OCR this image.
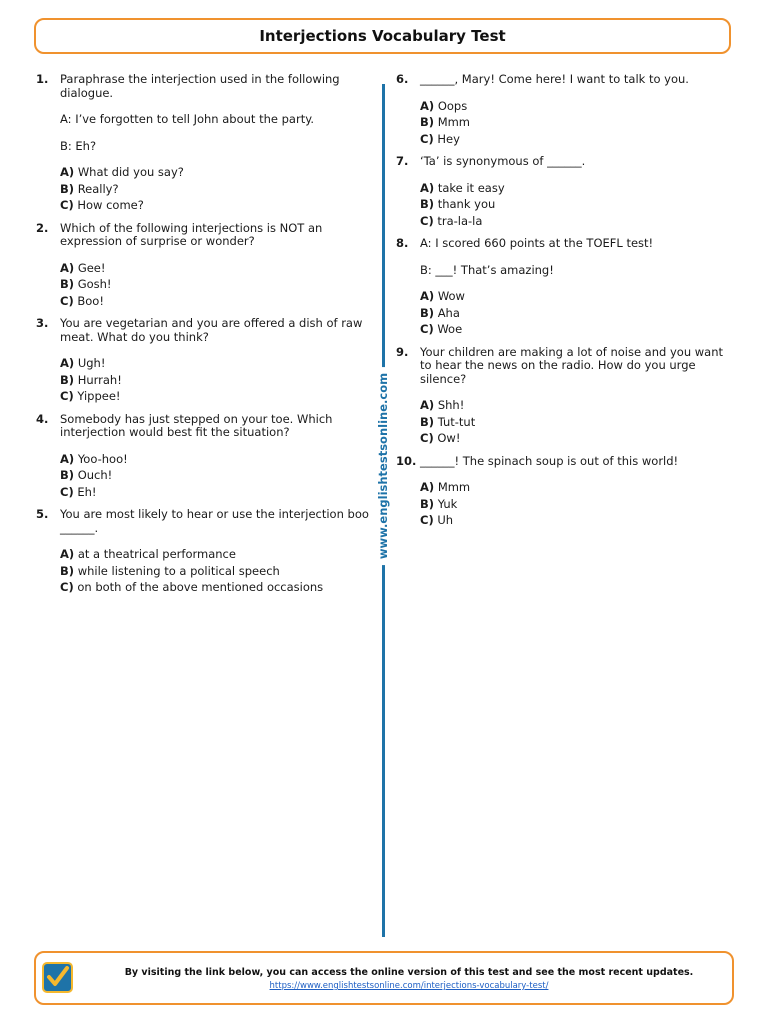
Interjections Vocabulary Test
1.	Paraphrase the interjection used in the following dialogue.

A: I’ve forgotten to tell John about the party.

B: Eh?

A) What did you say?
B) Really?
C) How come?
2.	Which of the following interjections is NOT an expression of surprise or wonder?

A) Gee!
B) Gosh!
C) Boo!
3.	You are vegetarian and you are offered a dish of raw meat. What do you think?

A) Ugh!
B) Hurrah!
C) Yippee!
4.	Somebody has just stepped on your toe. Which interjection would best fit the situation?

A) Yoo-hoo!
B) Ouch!
C) Eh!
5.	You are most likely to hear or use the interjection boo ______.

A) at a theatrical performance
B) while listening to a political speech
C) on both of the above mentioned occasions
6.	______, Mary! Come here! I want to talk to you.

A) Oops
B) Mmm
C) Hey
7.	‘Ta’ is synonymous of ______.

A) take it easy
B) thank you
C) tra-la-la
8.	A: I scored 660 points at the TOEFL test!

B: ___! That’s amazing!

A) Wow
B) Aha
C) Woe
9.	Your children are making a lot of noise and you want to hear the news on the radio. How do you urge silence?

A) Shh!
B) Tut-tut
C) Ow!
10. ______! The spinach soup is out of this world!

A) Mmm
B) Yuk
C) Uh
www.englishtestsonline.com
By visiting the link below, you can access the online version of this test and see the most recent updates.
https://www.englishtestsonline.com/interjections-vocabulary-test/
